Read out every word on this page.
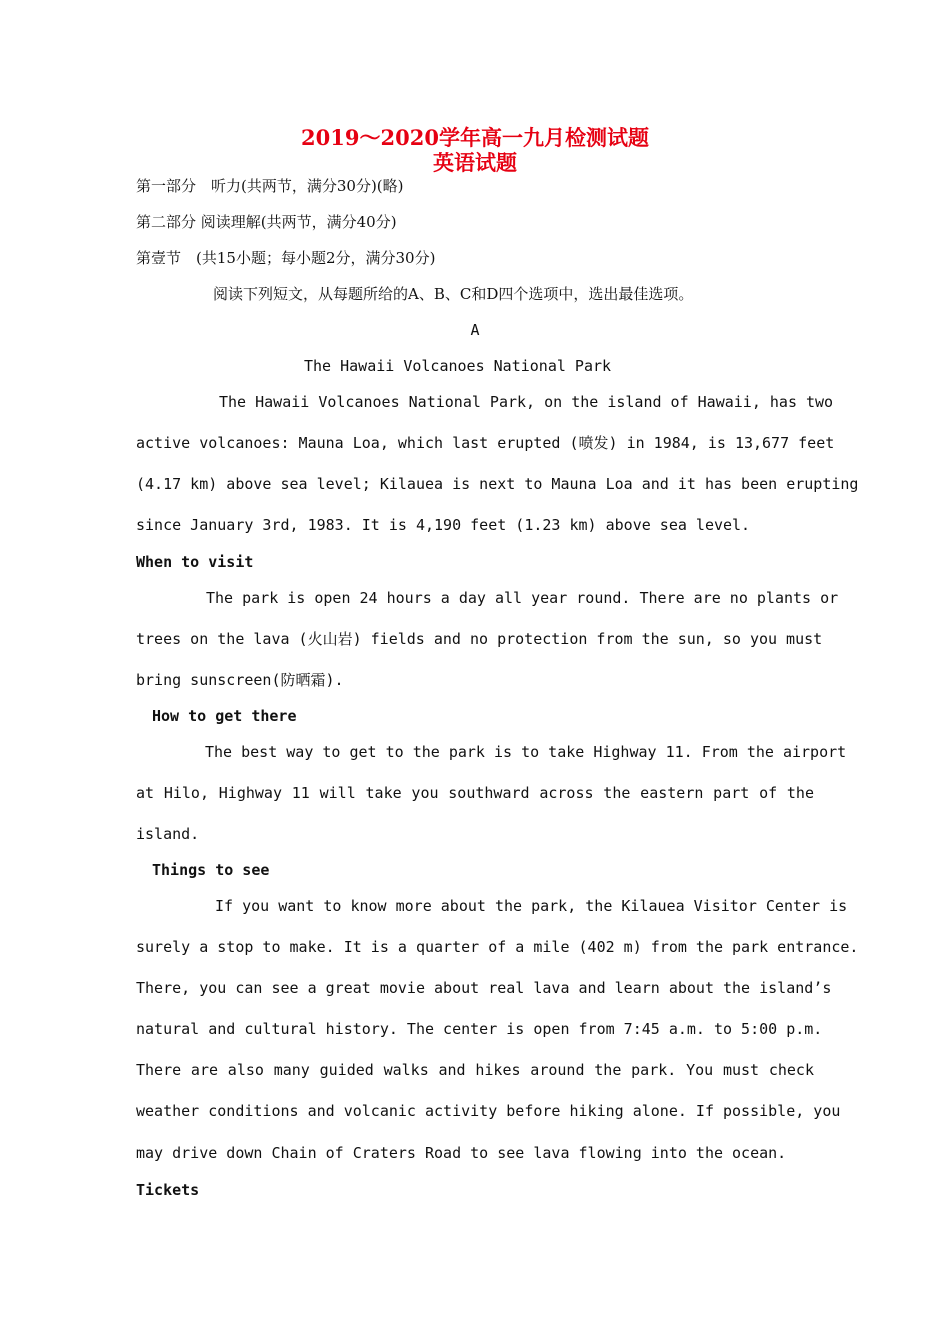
2019～2020学年高一九月检测试题
英语试题
第一部分　听力(共两节，满分30分)(略)
第二部分 阅读理解(共两节，满分40分)
第壹节　(共15小题；每小题2分，满分30分)
阅读下列短文，从每题所给的A、B、C和D四个选项中，选出最佳选项。
A
The Hawaii Volcanoes National Park
The Hawaii Volcanoes National Park, on the island of Hawaii, has two
active volcanoes: Mauna Loa, which last erupted (喷发) in 1984, is 13,677 feet
(4.17 km) above sea level; Kilauea is next to Mauna Loa and it has been erupting
since January 3rd, 1983. It is 4,190 feet (1.23 km) above sea level.
When to visit
The park is open 24 hours a day all year round. There are no plants or
trees on the lava (火山岩) fields and no protection from the sun, so you must
bring sunscreen(防晒霜).
How to get there
The best way to get to the park is to take Highway 11. From the airport
at Hilo, Highway 11 will take you southward across the eastern part of the
island.
Things to see
If you want to know more about the park, the Kilauea Visitor Center is
surely a stop to make. It is a quarter of a mile (402 m) from the park entrance.
There, you can see a great movie about real lava and learn about the island’s
natural and cultural history. The center is open from 7:45 a.m. to 5:00 p.m.
There are also many guided walks and hikes around the park. You must check
weather conditions and volcanic activity before hiking alone. If possible, you
may drive down Chain of Craters Road to see lava flowing into the ocean.
Tickets
